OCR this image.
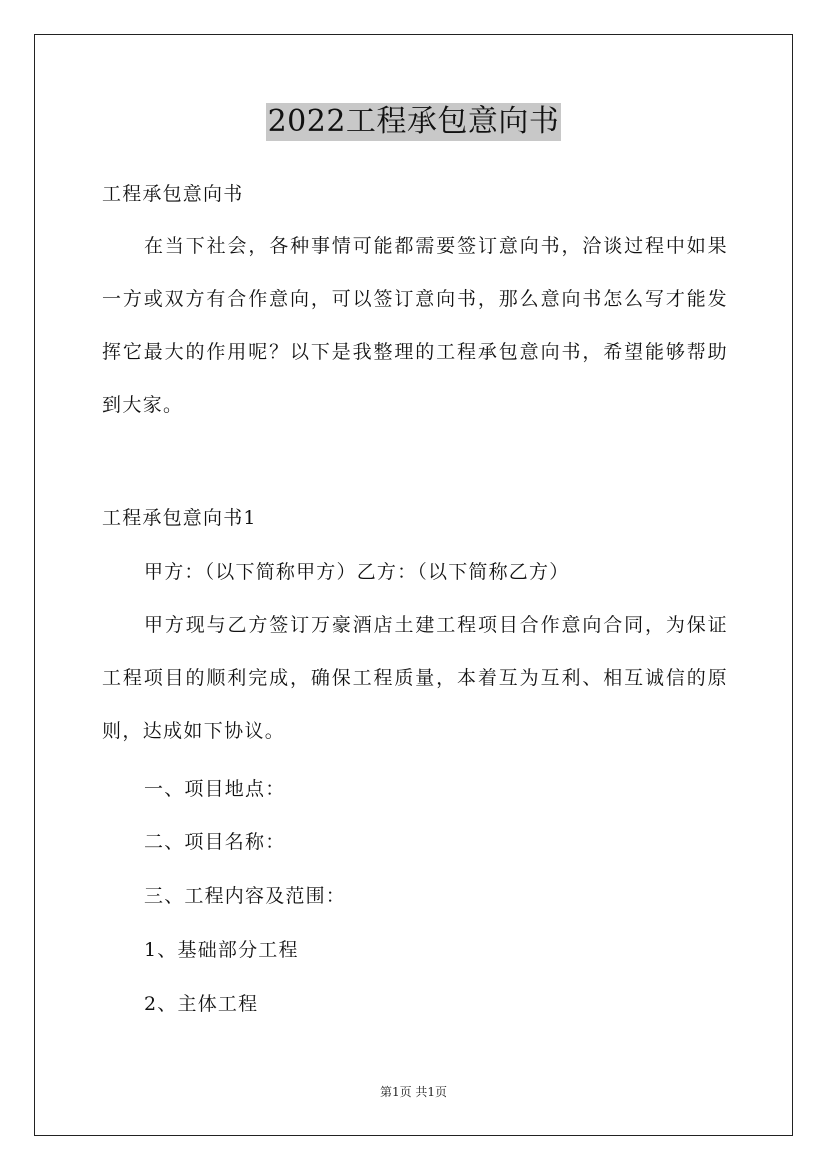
2022工程承包意向书
工程承包意向书
在当下社会，各种事情可能都需要签订意向书，洽谈过程中如果一方或双方有合作意向，可以签订意向书，那么意向书怎么写才能发挥它最大的作用呢？以下是我整理的工程承包意向书，希望能够帮助到大家。
工程承包意向书1
甲方：（以下简称甲方）乙方：（以下简称乙方）
甲方现与乙方签订万豪酒店土建工程项目合作意向合同，为保证工程项目的顺利完成，确保工程质量，本着互为互利、相互诚信的原则，达成如下协议。
一、项目地点：
二、项目名称：
三、工程内容及范围：
1、基础部分工程
2、主体工程
第1页 共1页
